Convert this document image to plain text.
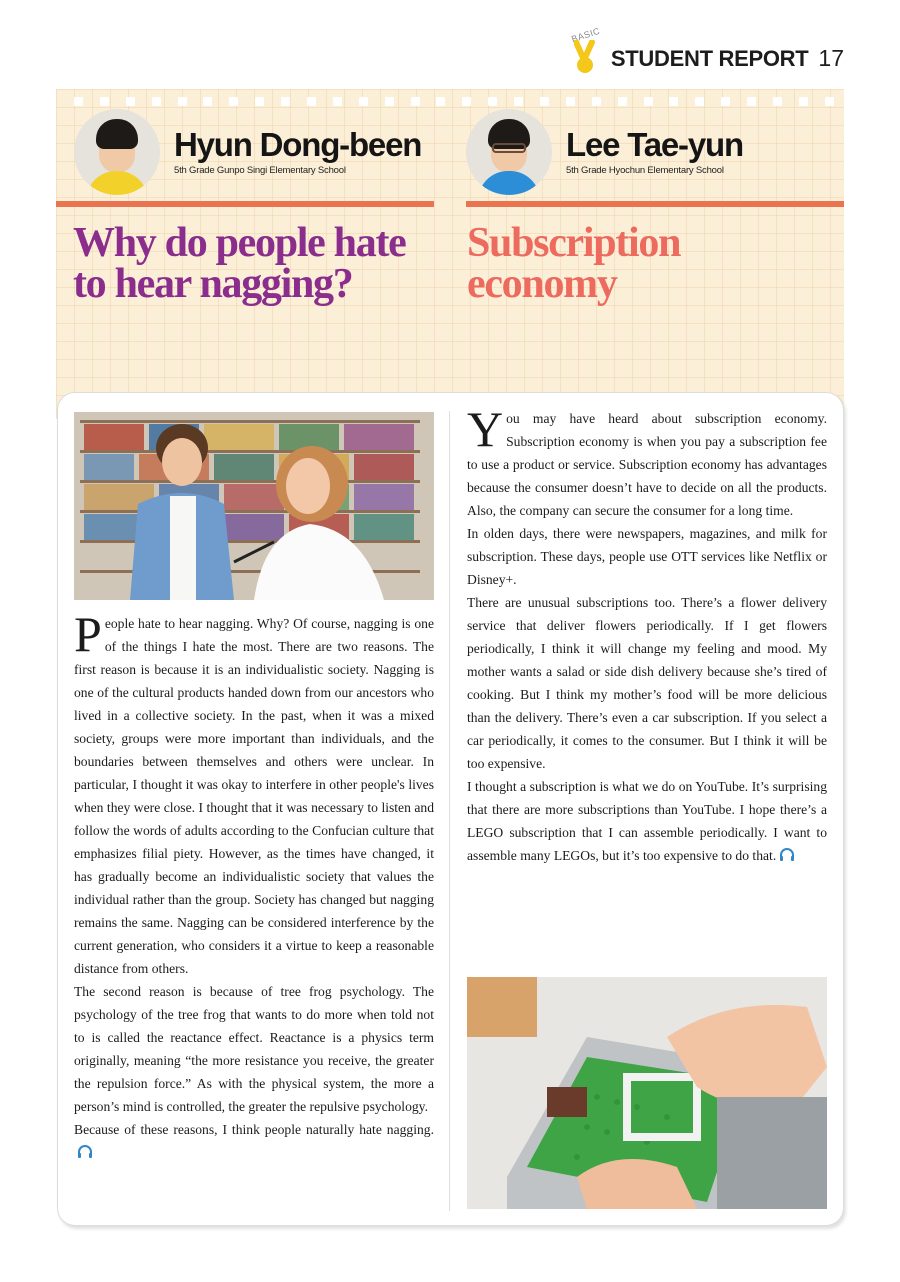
BASIC
STUDENT REPORT 17
Hyun Dong-been

5th Grade Gunpo Singi Elementary School

Why do people hate
to hear nagging?
Lee Tae-yun

5th Grade Hyochun Elementary School

Subscription
economy

People hate to hear nagging. Why? Of course, nagging is one of the things I hate the most. There are two reasons. The first reason is because it is an individualistic society. Nagging is one of the cultural products handed down from our ancestors who lived in a collective society. In the past, when it was a mixed society, groups were more important than individuals, and the boundaries between themselves and others were unclear. In particular, I thought it was okay to interfere in other people's lives when they were close. I thought that it was necessary to listen and follow the words of adults according to the Confucian culture that emphasizes filial piety. However, as the times have changed, it has gradually become an individualistic society that values the individual rather than the group. Society has changed but nagging remains the same. Nagging can be considered interference by the current generation, who considers it a virtue to keep a reasonable distance from others.

The second reason is because of tree frog psychology. The psychology of the tree frog that wants to do more when told not to is called the reactance effect. Reactance is a physics term originally, meaning “the more resistance you receive, the greater the repulsion force.” As with the physical system, the more a person’s mind is controlled, the greater the repulsive psychology.

Because of these reasons, I think people naturally hate nagging.

You may have heard about subscription economy. Subscription economy is when you pay a subscription fee to use a product or service. Subscription economy has advantages because the consumer doesn’t have to decide on all the products. Also, the company can secure the consumer for a long time.

In olden days, there were newspapers, magazines, and milk for subscription. These days, people use OTT services like Netflix or Disney+.

There are unusual subscriptions too. There’s a flower delivery service that deliver flowers periodically. If I get flowers periodically, I think it will change my feeling and mood. My mother wants a salad or side dish delivery because she’s tired of cooking. But I think my mother’s food will be more delicious than the delivery. There’s even a car subscription. If you select a car periodically, it comes to the consumer. But I think it will be too expensive.

I thought a subscription is what we do on YouTube. It’s surprising that there are more subscriptions than YouTube. I hope there’s a LEGO subscription that I can assemble periodically. I want to assemble many LEGOs, but it’s too expensive to do that.
